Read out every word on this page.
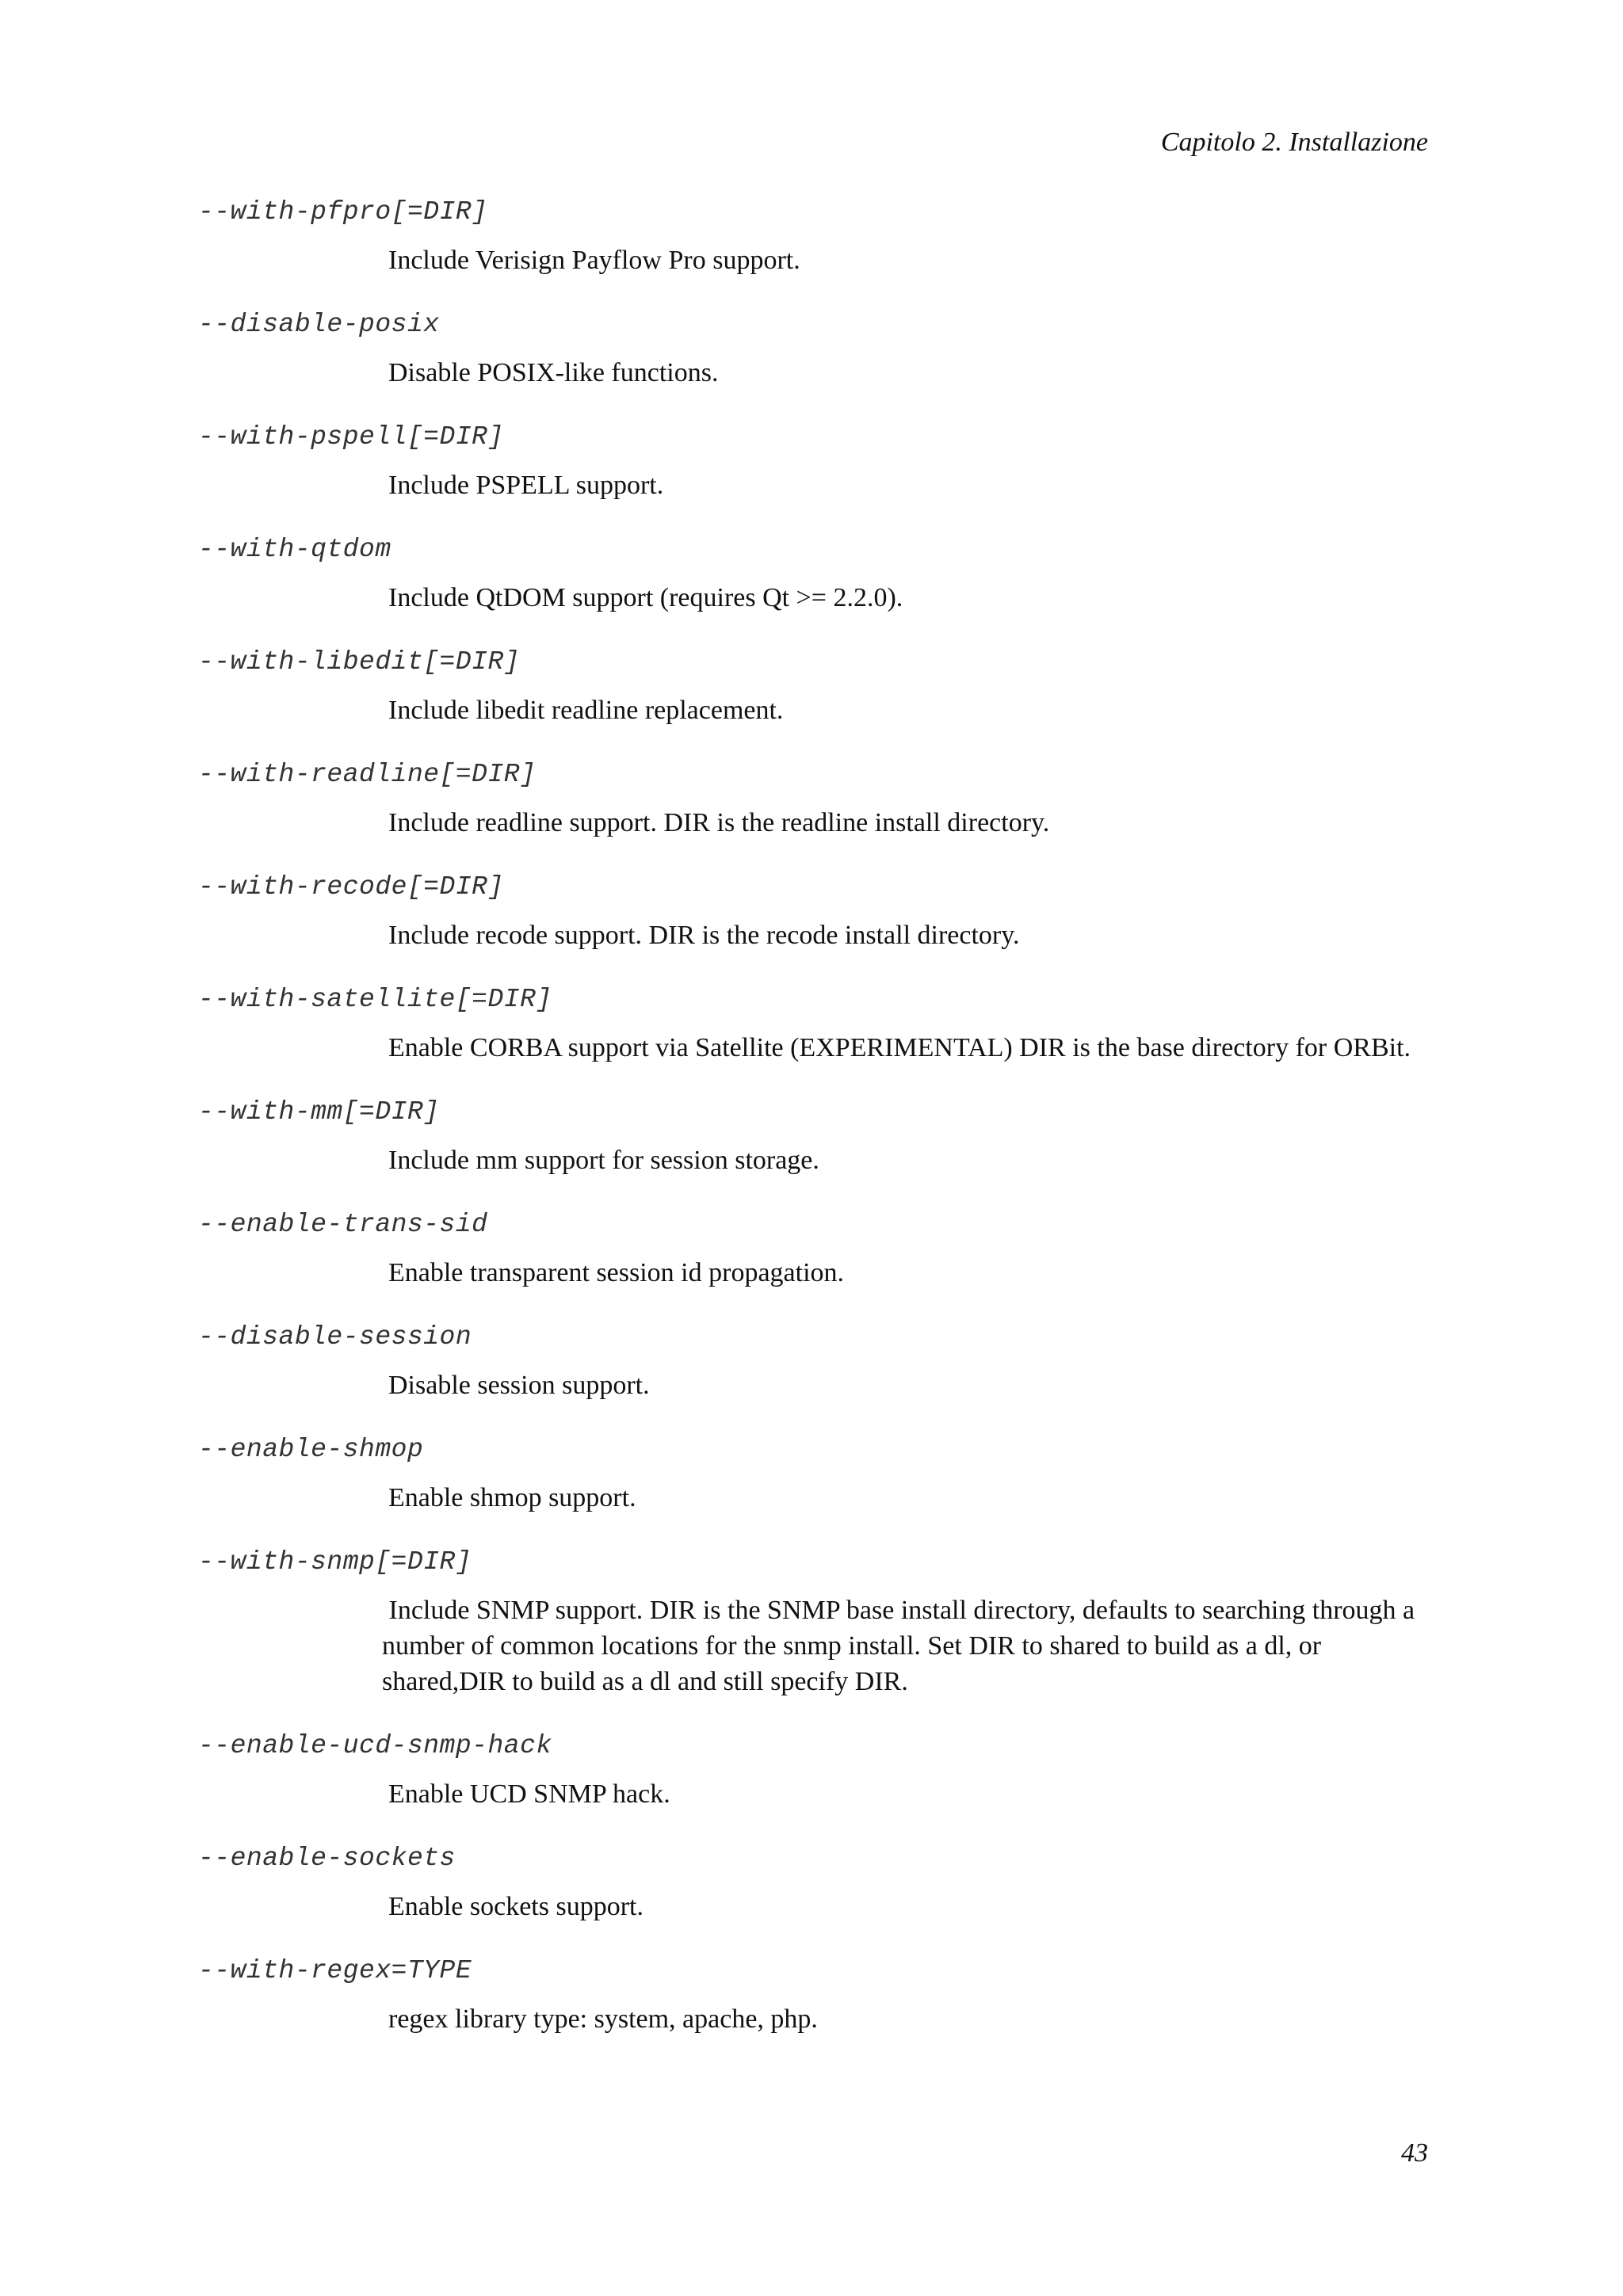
Capitolo 2. Installazione
--with-pfpro[=DIR]
Include Verisign Payflow Pro support.
--disable-posix
Disable POSIX-like functions.
--with-pspell[=DIR]
Include PSPELL support.
--with-qtdom
Include QtDOM support (requires Qt >= 2.2.0).
--with-libedit[=DIR]
Include libedit readline replacement.
--with-readline[=DIR]
Include readline support. DIR is the readline install directory.
--with-recode[=DIR]
Include recode support. DIR is the recode install directory.
--with-satellite[=DIR]
Enable CORBA support via Satellite (EXPERIMENTAL) DIR is the base directory for ORBit.
--with-mm[=DIR]
Include mm support for session storage.
--enable-trans-sid
Enable transparent session id propagation.
--disable-session
Disable session support.
--enable-shmop
Enable shmop support.
--with-snmp[=DIR]
Include SNMP support. DIR is the SNMP base install directory, defaults to searching through a
number of common locations for the snmp install. Set DIR to shared to build as a dl, or
shared,DIR to build as a dl and still specify DIR.
--enable-ucd-snmp-hack
Enable UCD SNMP hack.
--enable-sockets
Enable sockets support.
--with-regex=TYPE
regex library type: system, apache, php.
43
